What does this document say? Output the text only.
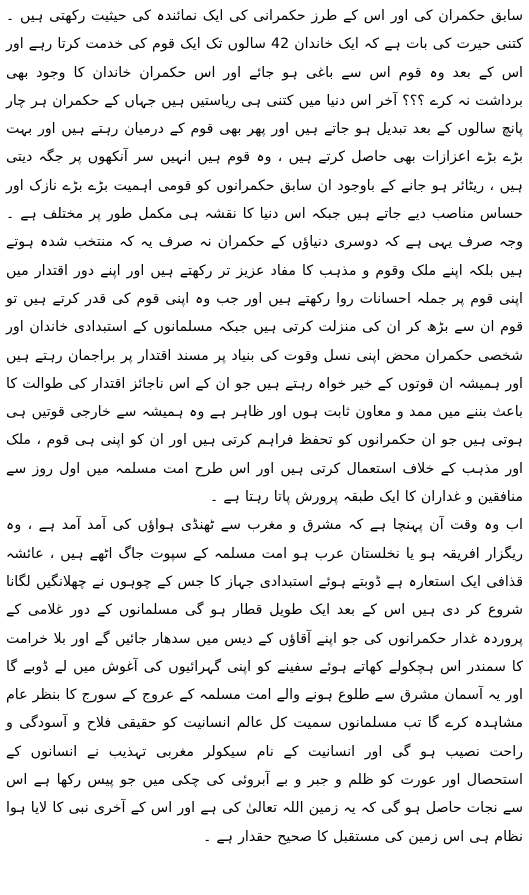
سابق حکمران کی اور اس کے طرز حکمرانی کی ایک نمائندہ کی حیثیت رکھتی ہیں ۔ کتنی حیرت کی بات ہے کہ ایک خاندان 42 سالوں تک ایک قوم کی خدمت کرتا رہے اور اس کے بعد وہ قوم اس سے باغی ہو جائے اور اس حکمران خاندان کا وجود بھی برداشت نہ کرے ؟؟؟ آخر اس دنیا میں کتنی ہی ریاستیں ہیں جہاں کے حکمران ہر چار پانچ سالوں کے بعد تبدیل ہو جاتے ہیں اور پھر بھی قوم کے درمیان رہتے ہیں اور بہت بڑے بڑے اعزازات بھی حاصل کرتے ہیں ، وہ قوم ہیں انہیں سر آنکھوں پر جگہ دیتی ہیں ، ریٹائر ہو جانے کے باوجود ان سابق حکمرانوں کو قومی اہمیت بڑے بڑے نازک اور حساس مناصب دیے جاتے ہیں جبکہ اس دنیا کا نقشہ ہی مکمل طور پر مختلف ہے ۔ وجہ صرف یہی ہے کہ دوسری دنیاؤں کے حکمران نہ صرف یہ کہ منتخب شدہ ہوتے ہیں بلکہ اپنے ملک وقوم و مذہب کا مفاد عزیز تر رکھتے ہیں اور اپنے دور اقتدار میں اپنی قوم پر جملہ احسانات روا رکھتے ہیں اور جب وہ اپنی قوم کی قدر کرتے ہیں تو قوم ان سے بڑھ کر ان کی منزلت کرتی ہیں جبکہ مسلمانوں کے استبدادی خاندان اور شخصی حکمران محض اپنی نسل وقوت کی بنیاد پر مسند اقتدار پر براجمان رہتے ہیں اور ہمیشہ ان قوتوں کے خیر خواہ رہتے ہیں جو ان کے اس ناجائز اقتدار کی طوالت کا باعث بننے میں ممد و معاون ثابت ہوں اور ظاہر ہے وہ ہمیشہ سے خارجی قوتیں ہی ہوتی ہیں جو ان حکمرانوں کو تحفظ فراہم کرتی ہیں اور ان کو اپنی ہی قوم ، ملک اور مذہب کے خلاف استعمال کرتی ہیں اور اس طرح امت مسلمہ میں اول روز سے منافقین و غداران کا ایک طبقہ پرورش پاتا رہتا ہے ۔

اب وہ وقت آن پہنچا ہے کہ مشرق و مغرب سے ٹھنڈی ہواؤں کی آمد آمد ہے ، وہ ریگزار افریقہ ہو یا نخلستان عرب ہو امت مسلمہ کے سپوت جاگ اٹھے ہیں ، عائشہ قذافی ایک استعارہ ہے ڈوبتے ہوئے استبدادی جہاز کا جس کے چوہوں نے چھلانگیں لگانا شروع کر دی ہیں اس کے بعد ایک طویل قطار ہو گی مسلمانوں کے دور غلامی کے پروردہ غدار حکمرانوں کی جو اپنے آقاؤں کے دیس میں سدھار جائیں گے اور بلا خرامت کا سمندر اس ہچکولے کھاتے ہوئے سفینے کو اپنی گہرائیوں کی آغوش میں لے ڈوبے گا اور یہ آسمان مشرق سے طلوع ہونے والے امت مسلمہ کے عروج کے سورج کا بنظر عام مشاہدہ کرے گا تب مسلمانوں سمیت کل عالم انسانیت کو حقیقی فلاح و آسودگی و راحت نصیب ہو گی اور انسانیت کے نام سیکولر مغربی تہذیب نے انسانوں کے استحصال اور عورت کو ظلم و جبر و بے آبروئی کی چکی میں جو پیس رکھا ہے اس سے نجات حاصل ہو گی کہ یہ زمین اللہ تعالیٰ کی ہے اور اس کے آخری نبی کا لایا ہوا نظام ہی اس زمین کی مستقبل کا صحیح حقدار ہے ۔
